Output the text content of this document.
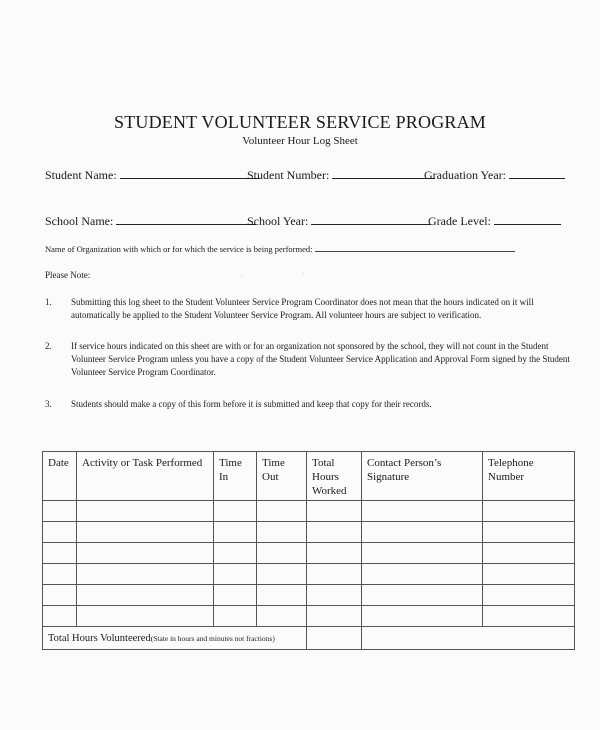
STUDENT VOLUNTEER SERVICE PROGRAM
Volunteer Hour Log Sheet
Student Name:	Student Number:	Graduation Year:
School Name:	School Year:	Grade Level:
Name of Organization with which or for which the service is being performed:
Please Note:
1. Submitting this log sheet to the Student Volunteer Service Program Coordinator does not mean that the hours indicated on it will automatically be applied to the Student Volunteer Service Program. All volunteer hours are subject to verification.
2. If service hours indicated on this sheet are with or for an organization not sponsored by the school, they will not count in the Student Volunteer Service Program unless you have a copy of the Student Volunteer Service Application and Approval Form signed by the Student Volunteer Service Program Coordinator.
3. Students should make a copy of this form before it is submitted and keep that copy for their records.
Date	Activity or Task Performed	Time In	Time Out	Total Hours Worked	Contact Person’s Signature	Telephone Number

Total Hours Volunteered(State in hours and minutes not fractions)						
·	·
